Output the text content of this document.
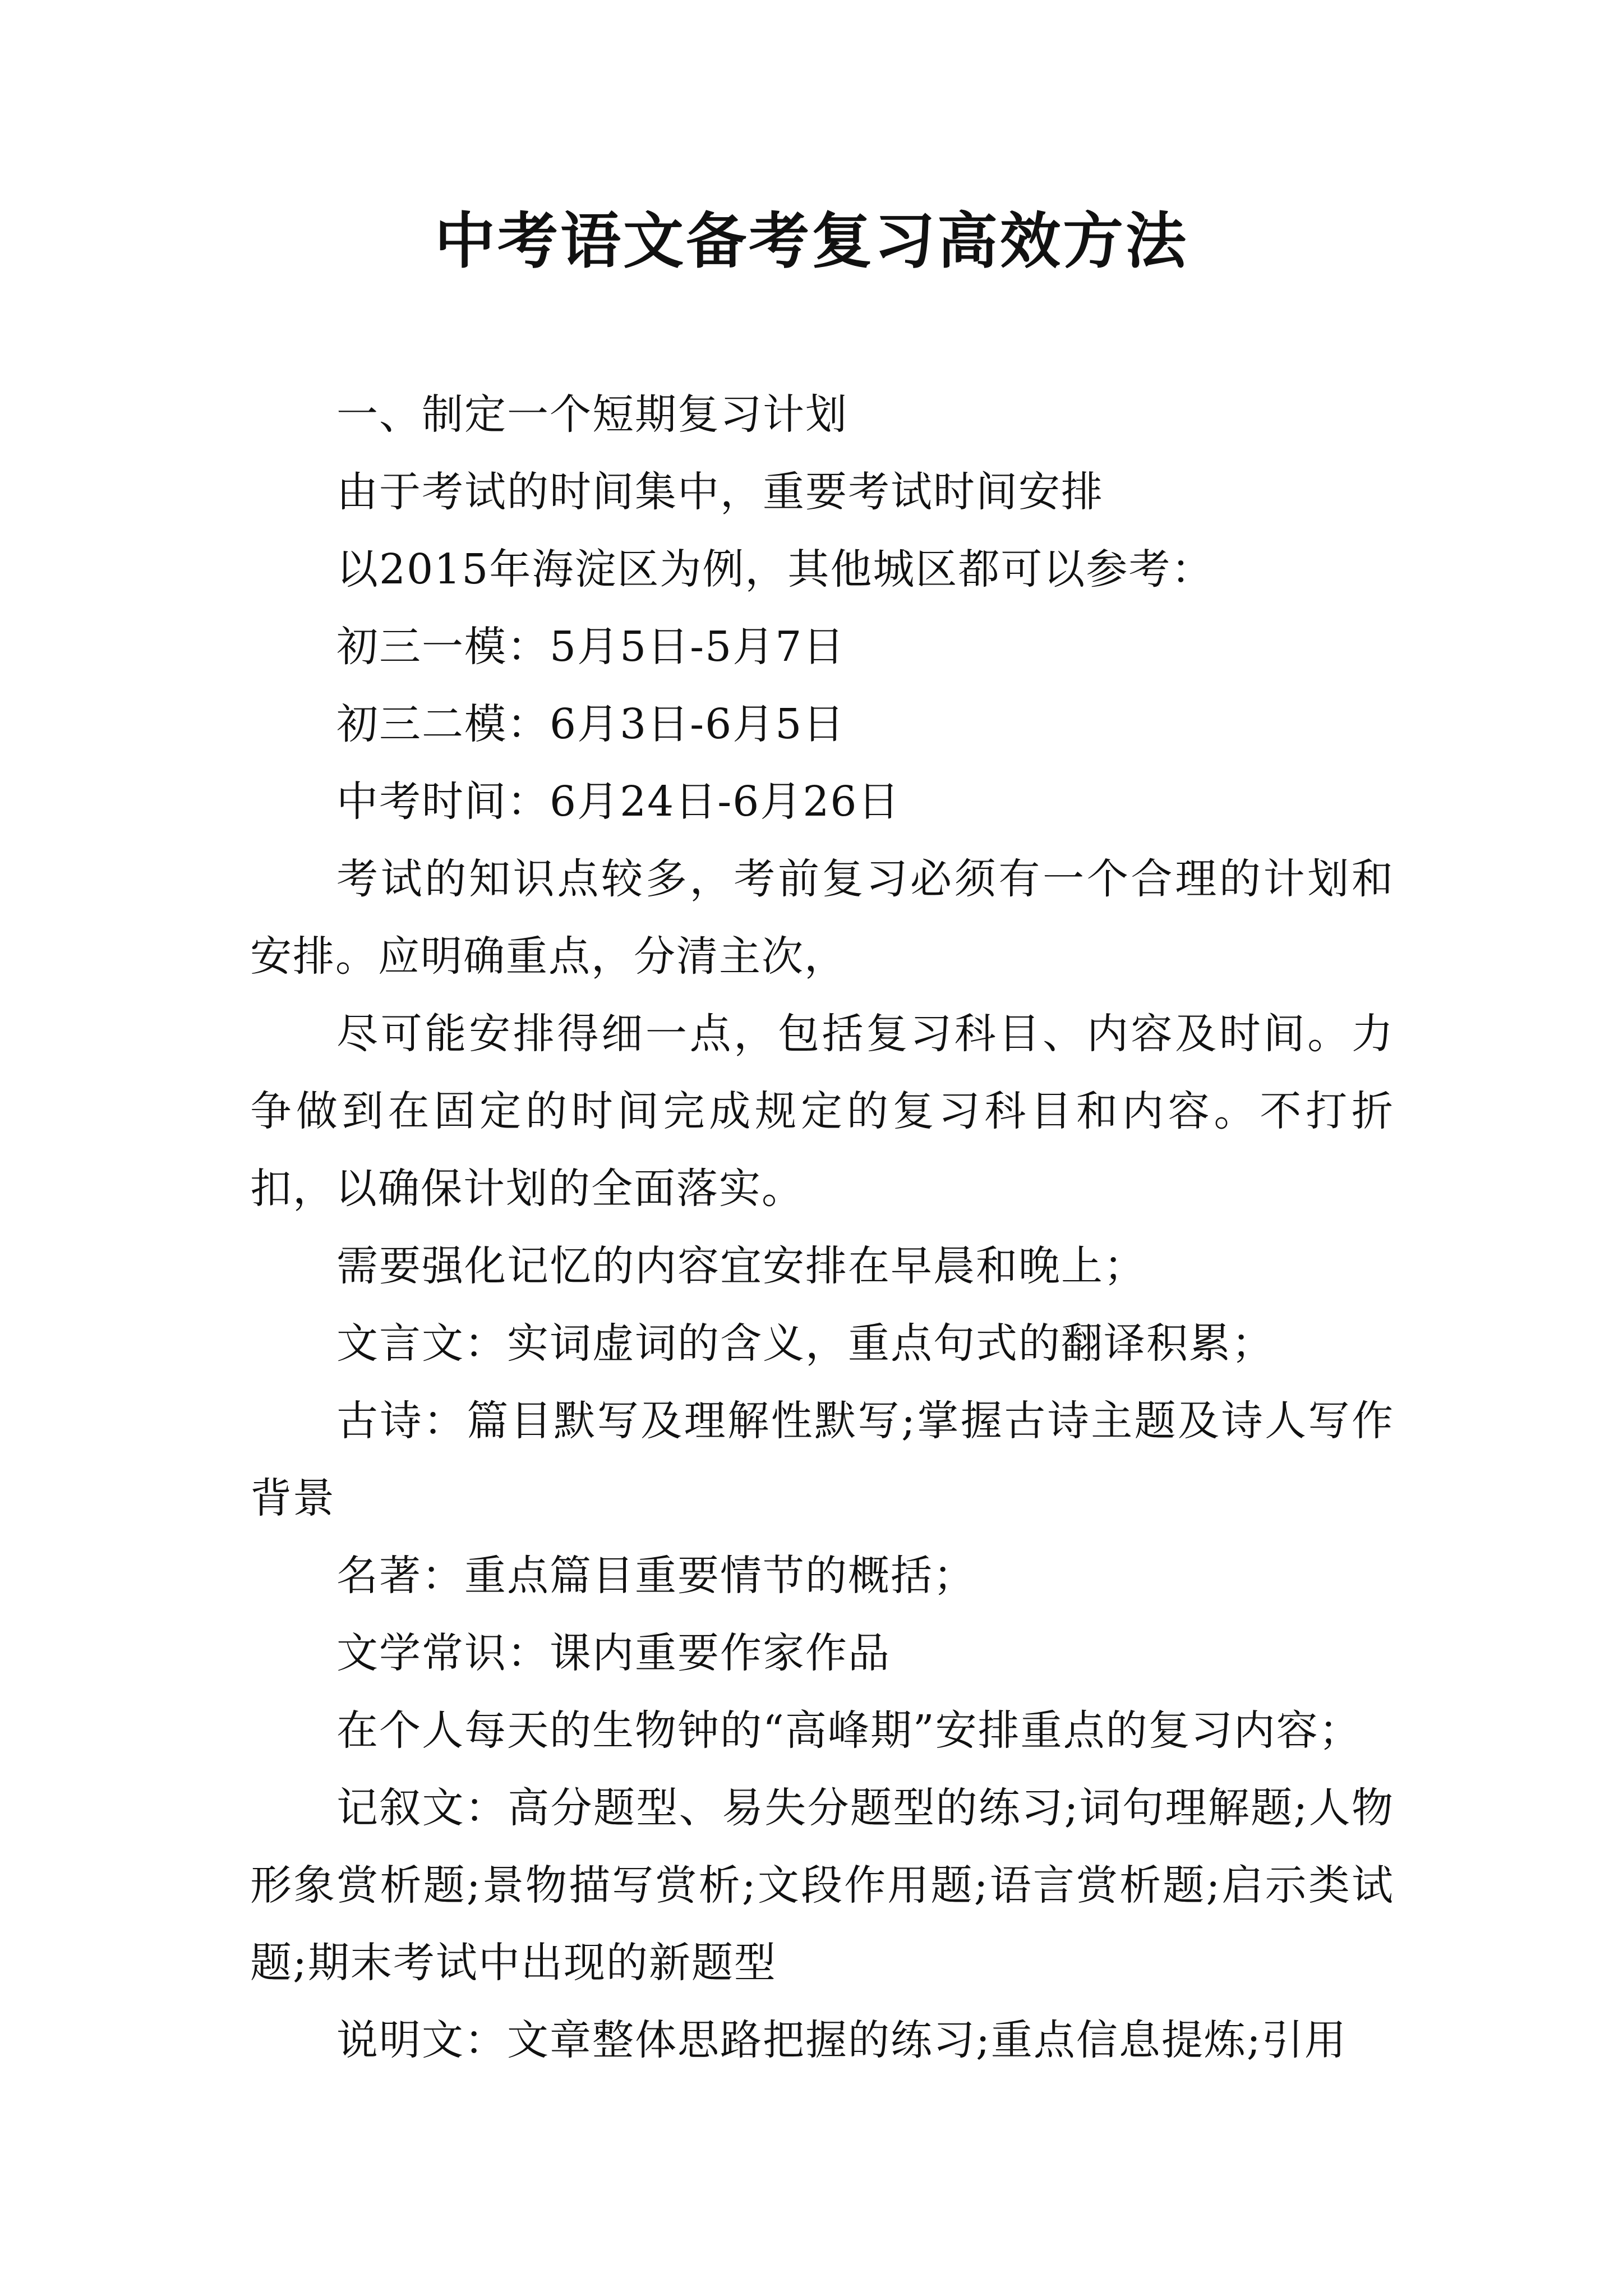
中考语文备考复习高效方法

一、制定一个短期复习计划

由于考试的时间集中，重要考试时间安排

以2015年海淀区为例，其他城区都可以参考：

初三一模：5月5日-5月7日

初三二模：6月3日-6月5日

中考时间：6月24日-6月26日

考试的知识点较多，考前复习必须有一个合理的计划和安排。应明确重点，分清主次，

尽可能安排得细一点，包括复习科目、内容及时间。力争做到在固定的时间完成规定的复习科目和内容。不打折扣，以确保计划的全面落实。

需要强化记忆的内容宜安排在早晨和晚上；

文言文：实词虚词的含义，重点句式的翻译积累；

古诗：篇目默写及理解性默写;掌握古诗主题及诗人写作背景

名著：重点篇目重要情节的概括；

文学常识：课内重要作家作品

在个人每天的生物钟的“高峰期”安排重点的复习内容；

记叙文：高分题型、易失分题型的练习;词句理解题;人物形象赏析题;景物描写赏析;文段作用题;语言赏析题;启示类试题;期末考试中出现的新题型

说明文：文章整体思路把握的练习;重点信息提炼;引用
